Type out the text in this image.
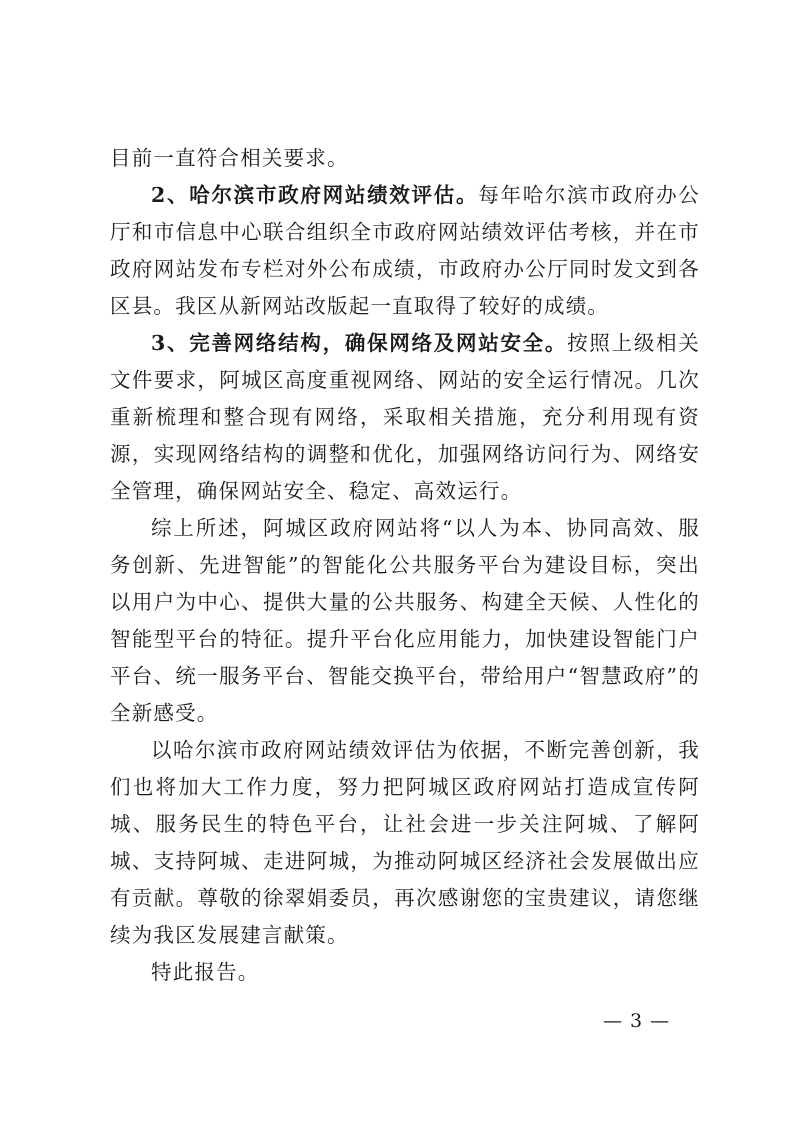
目前一直符合相关要求。

2、哈尔滨市政府网站绩效评估。每年哈尔滨市政府办公厅和市信息中心联合组织全市政府网站绩效评估考核，并在市政府网站发布专栏对外公布成绩，市政府办公厅同时发文到各区县。我区从新网站改版起一直取得了较好的成绩。

3、完善网络结构，确保网络及网站安全。按照上级相关文件要求，阿城区高度重视网络、网站的安全运行情况。几次重新梳理和整合现有网络，采取相关措施，充分利用现有资源，实现网络结构的调整和优化，加强网络访问行为、网络安全管理，确保网站安全、稳定、高效运行。

综上所述，阿城区政府网站将“以人为本、协同高效、服务创新、先进智能”的智能化公共服务平台为建设目标，突出以用户为中心、提供大量的公共服务、构建全天候、人性化的智能型平台的特征。提升平台化应用能力，加快建设智能门户平台、统一服务平台、智能交换平台，带给用户“智慧政府”的全新感受。

以哈尔滨市政府网站绩效评估为依据，不断完善创新，我们也将加大工作力度，努力把阿城区政府网站打造成宣传阿城、服务民生的特色平台，让社会进一步关注阿城、了解阿城、支持阿城、走进阿城，为推动阿城区经济社会发展做出应有贡献。尊敬的徐翠娟委员，再次感谢您的宝贵建议，请您继续为我区发展建言献策。

特此报告。

— 3 —
